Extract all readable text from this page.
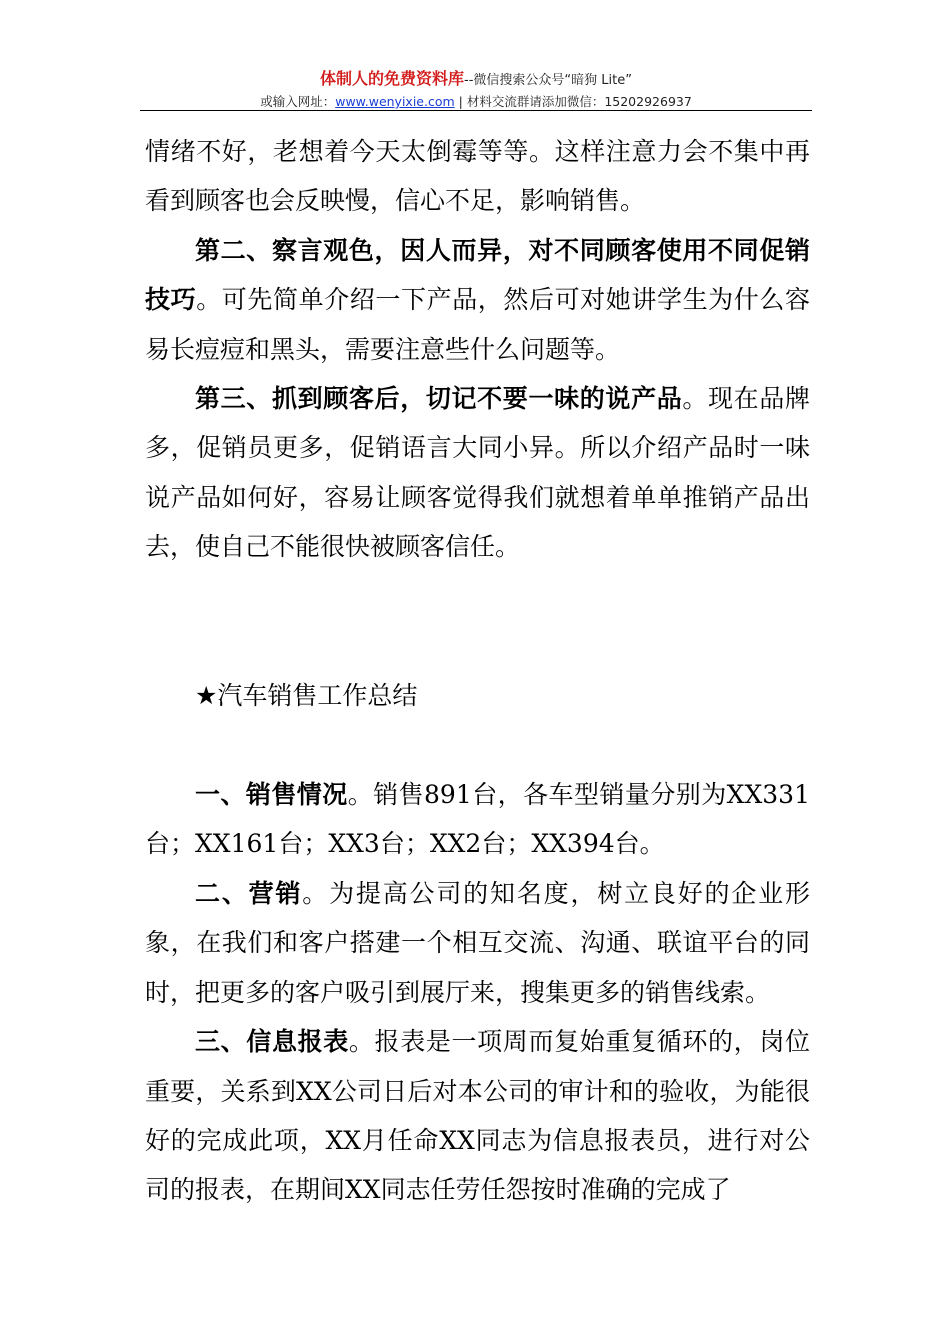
体制人的免费资料库--微信搜索公众号“暗狗 Lite”
或输入网址：www.wenyixie.com | 材料交流群请添加微信：15202926937

情绪不好，老想着今天太倒霉等等。这样注意力会不集中再看到顾客也会反映慢，信心不足，影响销售。

第二、察言观色，因人而异，对不同顾客使用不同促销技巧。可先简单介绍一下产品，然后可对她讲学生为什么容易长痘痘和黑头，需要注意些什么问题等。

第三、抓到顾客后，切记不要一味的说产品。现在品牌多，促销员更多，促销语言大同小异。所以介绍产品时一味说产品如何好，容易让顾客觉得我们就想着单单推销产品出去，使自己不能很快被顾客信任。

★汽车销售工作总结

一、销售情况。销售891台，各车型销量分别为XX331台；XX161台；XX3台；XX2台；XX394台。

二、营销。为提高公司的知名度，树立良好的企业形象，在我们和客户搭建一个相互交流、沟通、联谊平台的同时，把更多的客户吸引到展厅来，搜集更多的销售线索。

三、信息报表。报表是一项周而复始重复循环的，岗位重要，关系到XX公司日后对本公司的审计和的验收，为能很好的完成此项，XX月任命XX同志为信息报表员，进行对公司的报表，在期间XX同志任劳任怨按时准确的完成了
